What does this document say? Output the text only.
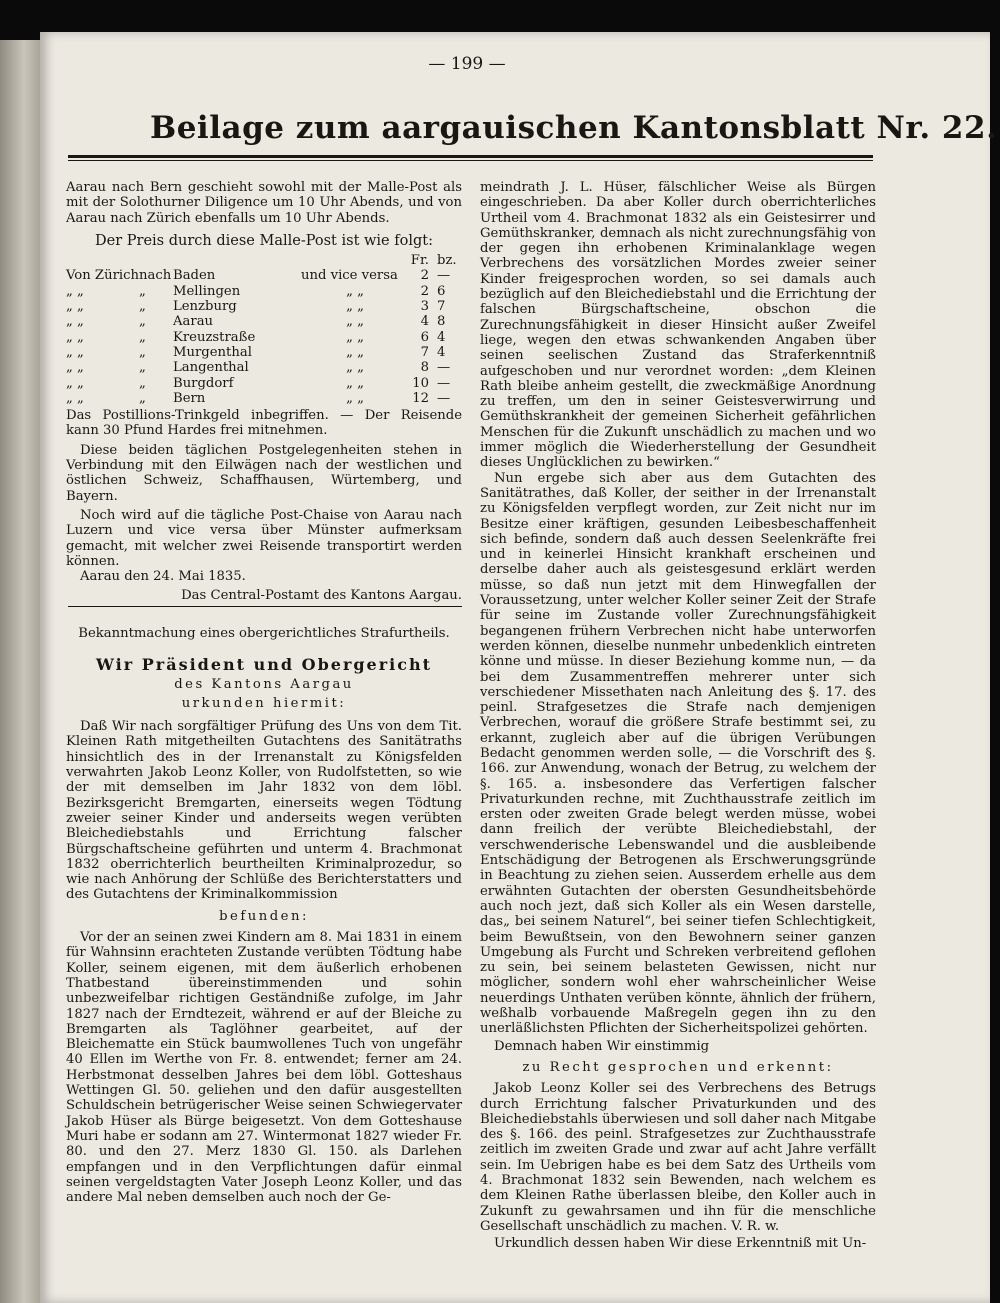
— 199 —
Beilage zum aargauischen Kantonsblatt Nr. 22.

Aarau nach Bern geschieht sowohl mit der Malle-Post als mit der Solothurner Diligence um 10 Uhr Abends, und von Aarau nach Zürich ebenfalls um 10 Uhr Abends.

Der Preis durch diese Malle-Post ist wie folgt:

				Fr.	bz.
Von Zürich	nach	Baden	und vice versa	2	—
„ „	„	Mellingen	„ „	2	6
„ „	„	Lenzburg	„ „	3	7
„ „	„	Aarau	„ „	4	8
„ „	„	Kreuzstraße	„ „	6	4
„ „	„	Murgenthal	„ „	7	4
„ „	„	Langenthal	„ „	8	—
„ „	„	Burgdorf	„ „	10	—
„ „	„	Bern	„ „	12	—

Das Postillions-Trinkgeld inbegriffen. — Der Reisende kann 30 Pfund Hardes frei mitnehmen.

Diese beiden täglichen Postgelegenheiten stehen in Verbindung mit den Eilwägen nach der westlichen und östlichen Schweiz, Schaffhausen, Würtemberg, und Bayern.

Noch wird auf die tägliche Post-Chaise von Aarau nach Luzern und vice versa über Münster aufmerksam gemacht, mit welcher zwei Reisende transportirt werden können.

Aarau den 24. Mai 1835.

Das Central-Postamt des Kantons Aargau.

Bekanntmachung eines obergerichtliches Strafurtheils.

Wir Präsident und Obergericht

des Kantons Aargau

urkunden hiermit:

Daß Wir nach sorgfältiger Prüfung des Uns von dem Tit. Kleinen Rath mitgetheilten Gutachtens des Sanitätraths hinsichtlich des in der Irrenanstalt zu Königsfelden verwahrten Jakob Leonz Koller, von Rudolfstetten, so wie der mit demselben im Jahr 1832 von dem löbl. Bezirksgericht Bremgarten, einerseits wegen Tödtung zweier seiner Kinder und anderseits wegen verübten Bleichediebstahls und Errichtung falscher Bürgschaftscheine geführten und unterm 4. Brachmonat 1832 oberrichterlich beurtheilten Kriminalprozedur, so wie nach Anhörung der Schlüße des Berichterstatters und des Gutachtens der Kriminalkommission

befunden:

Vor der an seinen zwei Kindern am 8. Mai 1831 in einem für Wahnsinn erachteten Zustande verübten Tödtung habe Koller, seinem eigenen, mit dem äußerlich erhobenen Thatbestand übereinstimmenden und sohin unbezweifelbar richtigen Geständniße zufolge, im Jahr 1827 nach der Erndtezeit, während er auf der Bleiche zu Bremgarten als Taglöhner gearbeitet, auf der Bleichematte ein Stück baumwollenes Tuch von ungefähr 40 Ellen im Werthe von Fr. 8. entwendet; ferner am 24. Herbstmonat desselben Jahres bei dem löbl. Gotteshaus Wettingen Gl. 50. geliehen und den dafür ausgestellten Schuldschein betrügerischer Weise seinen Schwiegervater Jakob Hüser als Bürge beigesetzt. Von dem Gotteshause Muri habe er sodann am 27. Wintermonat 1827 wieder Fr. 80. und den 27. Merz 1830 Gl. 150. als Darlehen empfangen und in den Verpflichtungen dafür einmal seinen vergeldstagten Vater Joseph Leonz Koller, und das andere Mal neben demselben auch noch der Ge-

meindrath J. L. Hüser, fälschlicher Weise als Bürgen eingeschrieben. Da aber Koller durch oberrichterliches Urtheil vom 4. Brachmonat 1832 als ein Geistesirrer und Gemüthskranker, demnach als nicht zurechnungsfähig von der gegen ihn erhobenen Kriminalanklage wegen Verbrechens des vorsätzlichen Mordes zweier seiner Kinder freigesprochen worden, so sei damals auch bezüglich auf den Bleichediebstahl und die Errichtung der falschen Bürgschaftscheine, obschon die Zurechnungsfähigkeit in dieser Hinsicht außer Zweifel liege, wegen den etwas schwankenden Angaben über seinen seelischen Zustand das Straferkenntniß aufgeschoben und nur verordnet worden: „dem Kleinen Rath bleibe anheim gestellt, die zweckmäßige Anordnung zu treffen, um den in seiner Geistesverwirrung und Gemüthskrankheit der gemeinen Sicherheit gefährlichen Menschen für die Zukunft unschädlich zu machen und wo immer möglich die Wiederherstellung der Gesundheit dieses Unglücklichen zu bewirken.“

Nun ergebe sich aber aus dem Gutachten des Sanitätrathes, daß Koller, der seither in der Irrenanstalt zu Königsfelden verpflegt worden, zur Zeit nicht nur im Besitze einer kräftigen, gesunden Leibesbeschaffenheit sich befinde, sondern daß auch dessen Seelenkräfte frei und in keinerlei Hinsicht krankhaft erscheinen und derselbe daher auch als geistesgesund erklärt werden müsse, so daß nun jetzt mit dem Hinwegfallen der Voraussetzung, unter welcher Koller seiner Zeit der Strafe für seine im Zustande voller Zurechnungsfähigkeit begangenen frühern Verbrechen nicht habe unterworfen werden können, dieselbe nunmehr unbedenklich eintreten könne und müsse. In dieser Beziehung komme nun, — da bei dem Zusammentreffen mehrerer unter sich verschiedener Missethaten nach Anleitung des §. 17. des peinl. Strafgesetzes die Strafe nach demjenigen Verbrechen, worauf die größere Strafe bestimmt sei, zu erkannt, zugleich aber auf die übrigen Verübungen Bedacht genommen werden solle, — die Vorschrift des §. 166. zur Anwendung, wonach der Betrug, zu welchem der §. 165. a. insbesondere das Verfertigen falscher Privaturkunden rechne, mit Zuchthausstrafe zeitlich im ersten oder zweiten Grade belegt werden müsse, wobei dann freilich der verübte Bleichediebstahl, der verschwenderische Lebenswandel und die ausbleibende Entschädigung der Betrogenen als Erschwerungsgründe in Beachtung zu ziehen seien. Ausserdem erhelle aus dem erwähnten Gutachten der obersten Gesundheitsbehörde auch noch jezt, daß sich Koller als ein Wesen darstelle, das„ bei seinem Naturel“, bei seiner tiefen Schlechtigkeit, beim Bewußtsein, von den Bewohnern seiner ganzen Umgebung als Furcht und Schreken verbreitend geflohen zu sein, bei seinem belasteten Gewissen, nicht nur möglicher, sondern wohl eher wahrscheinlicher Weise neuerdings Unthaten verüben könnte, ähnlich der frühern, weßhalb vorbauende Maßregeln gegen ihn zu den unerläßlichsten Pflichten der Sicherheitspolizei gehörten.

Demnach haben Wir einstimmig

zu Recht gesprochen und erkennt:

Jakob Leonz Koller sei des Verbrechens des Betrugs durch Errichtung falscher Privaturkunden und des Bleichediebstahls überwiesen und soll daher nach Mitgabe des §. 166. des peinl. Strafgesetzes zur Zuchthausstrafe zeitlich im zweiten Grade und zwar auf acht Jahre verfällt sein. Im Uebrigen habe es bei dem Satz des Urtheils vom 4. Brachmonat 1832 sein Bewenden, nach welchem es dem Kleinen Rathe überlassen bleibe, den Koller auch in Zukunft zu gewahrsamen und ihn für die menschliche Gesellschaft unschädlich zu machen. V. R. w.

Urkundlich dessen haben Wir diese Erkenntniß mit Un-
